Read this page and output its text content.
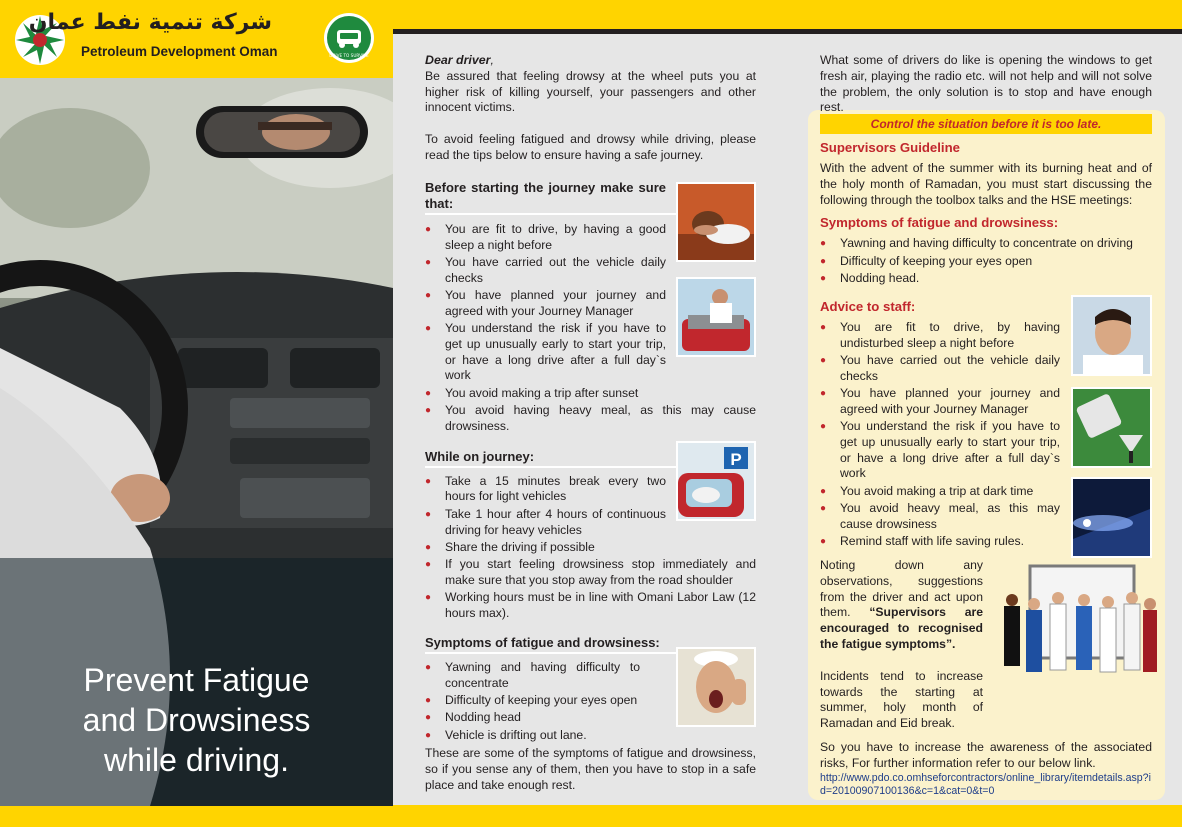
شركة تنمية نفط عمان
Petroleum Development Oman	DRIVE TO SURVIVE
Prevent Fatigue
and Drowsiness
while driving.

Dear driver,

Be assured that feeling drowsy at the wheel puts you at higher risk of killing yourself, your passengers and other innocent victims.

To avoid feeling fatigued and drowsy while driving, please read the tips below to ensure having a safe journey.

Before starting the journey make sure that:
● You are fit to drive, by having a good sleep a night before
● You have carried out the vehicle daily checks
● You have planned your journey and agreed with your Journey Manager
● You understand the risk if you have to get up unusually early to start your trip, or have a long drive after a full day`s work
● You avoid making a trip after sunset
● You avoid having heavy meal, as this may cause drowsiness.
While on journey:
● Take a 15 minutes break every two hours for light vehicles
● Take 1 hour after 4 hours of continuous driving for heavy vehicles
● Share the driving if possible
● If you start feeling drowsiness stop immediately and make sure that you stop away from the road shoulder
● Working hours must be in line with Omani Labor Law (12 hours max).
Symptoms of fatigue and drowsiness:
● Yawning and having difficulty to concentrate
● Difficulty of keeping your eyes open
● Nodding head
● Vehicle is drifting out lane.

These are some of the symptoms of fatigue and drowsiness, so if you sense any of them, then you have to stop in a safe place and take enough rest.

P

What some of drivers do like is opening the windows to get fresh air, playing the radio etc. will not help and will not solve the problem, the only solution is to stop and have enough rest.

Control the situation before it is too late.
Supervisors Guideline

With the advent of the summer with its burning heat and of the holy month of Ramadan, you must start discussing the following through the toolbox talks and the HSE meetings:

Symptoms of fatigue and drowsiness:
● Yawning and having difficulty to concentrate on driving
● Difficulty of keeping your eyes open
● Nodding head.
Advice to staff:
● You are fit to drive, by having undisturbed sleep a night before
● You have carried out the vehicle daily checks
● You have planned your journey and agreed with your Journey Manager
● You understand the risk if you have to get up unusually early to start your trip, or have a long drive after a full day`s work
● You avoid making a trip at dark time
● You avoid heavy meal, as this may cause drowsiness
● Remind staff with life saving rules.

Noting down any observations, suggestions from the driver and act upon them. “Supervisors are encouraged to recognised the fatigue symptoms”.

Incidents tend to increase towards the starting at summer, holy month of Ramadan and Eid break.

So you have to increase the awareness of the associated risks, For further information refer to our below link.

http://www.pdo.co.omhseforcontractors/online_library/itemdetails.asp?id=20100907100136&c=1&cat=0&t=0
